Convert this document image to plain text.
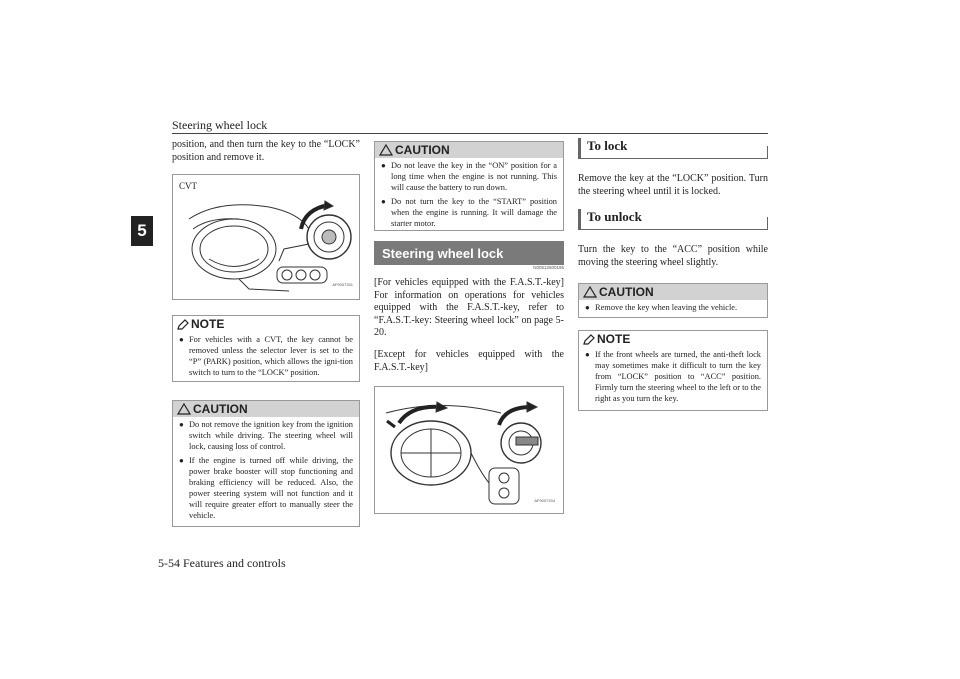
Steering wheel lock
5
position, and then turn the key to the “LOCK” position and remove it.
CVT
AF9007331
NOTE
● For vehicles with a CVT, the key cannot be removed unless the selector lever is set to the “P” (PARK) position, which allows the igni-tion switch to turn to the “LOCK” position.
CAUTION
● Do not remove the ignition key from the ignition switch while driving. The steering wheel will lock, causing loss of control.
● If the engine is turned off while driving, the power brake booster will stop functioning and braking efficiency will be reduced. Also, the power steering system will not function and it will require greater effort to manually steer the vehicle.
CAUTION
● Do not leave the key in the “ON” position for a long time when the engine is not running. This will cause the battery to run down.
● Do not turn the key to the “START” position when the engine is running. It will damage the starter motor.
Steering wheel lock
N00512500195
[For vehicles equipped with the F.A.S.T.-key] For information on operations for vehicles equipped with the F.A.S.T.-key, refer to “F.A.S.T.-key: Steering wheel lock” on page 5-20.
[Except for vehicles equipped with the F.A.S.T.-key]
AF9007334
To lock
Remove the key at the “LOCK” position. Turn the steering wheel until it is locked.
To unlock
Turn the key to the “ACC” position while moving the steering wheel slightly.
CAUTION
● Remove the key when leaving the vehicle.
NOTE
● If the front wheels are turned, the anti-theft lock may sometimes make it difficult to turn the key from “LOCK” position to “ACC” position. Firmly turn the steering wheel to the left or to the right as you turn the key.
5-54 Features and controls
